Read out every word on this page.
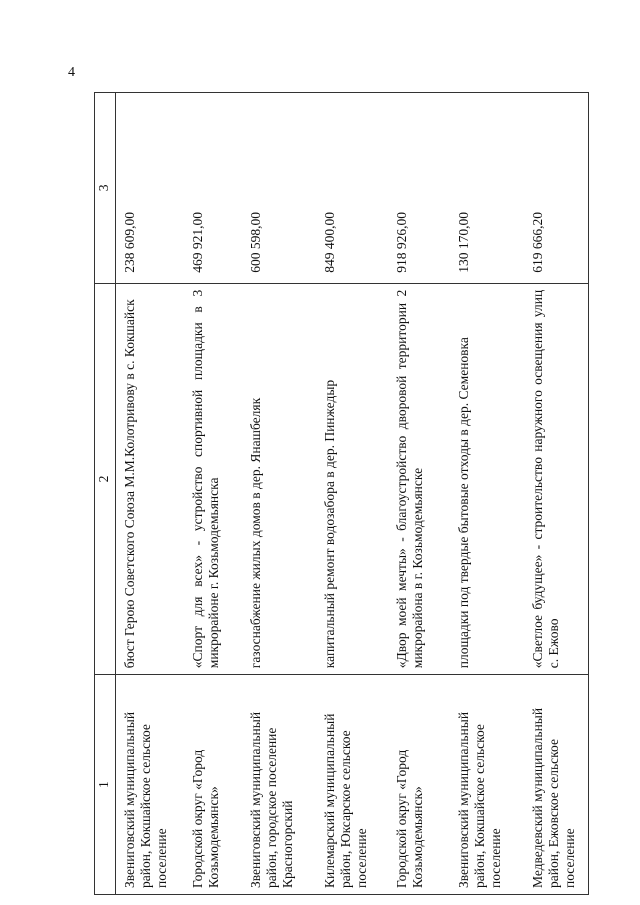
4
1	2	3
Звениговский муниципальный район, Кокшайское сельское поселение	бюст Герою Советского Союза М.М.Колотривову в с. Кокшайск	238 609,00
Городской округ «Город Козьмодемьянск»	«Спорт для всех» - устройство спортивной площадки в 3 микрорайоне г. Козьмодемьянска	469 921,00
Звениговский муниципальный район, городское поселение Красногорский	газоснабжение жилых домов в дер. Янашбеляк	600 598,00
Килемарский муниципальный район, Юксарское сельское поселение	капитальный ремонт водозабора в дер. Пинжедыр	849 400,00
Городской округ «Город Козьмодемьянск»	«Двор моей мечты» - благоустройство дворовой территории 2 микрорайона в г. Козьмодемьянске	918 926,00
Звениговский муниципальный район, Кокшайское сельское поселение	площадки под твердые бытовые отходы в дер. Семеновка	130 170,00
Медведевский муниципальный район, Ежовское сельское поселение	«Светлое будущее» - строительство наружного освещения улиц с. Ежово	619 666,20
